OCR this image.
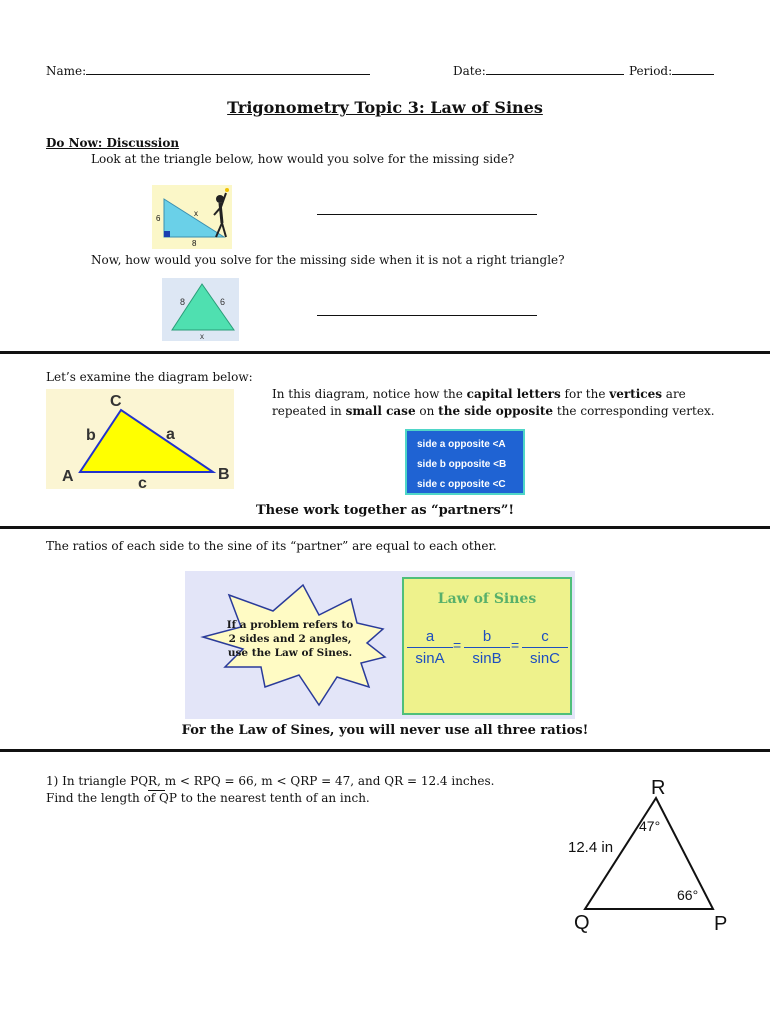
Name:	Date:	Period:
Trigonometry Topic 3: Law of Sines
Do Now: Discussion
Look at the triangle below, how would you solve for the missing side?
6
8
x
Now, how would you solve for the missing side when it is not a right triangle?
8	6
x
Let’s examine the diagram below:
C
A	B
b	a
c
In this diagram, notice how the capital letters for the vertices are repeated in small case on the side opposite the corresponding vertex.
side a opposite <A
side b opposite <B
side c opposite <C
These work together as “partners”!
The ratios of each side to the sine of its “partner” are equal to each other.
If a problem refers to
2 sides and 2 angles,
use the Law of Sines.
Law of Sines
$\frac{a}{\sin A} = \frac{b}{\sin B} = \frac{c}{\sin C}$
For the Law of Sines, you will never use all three ratios!
1) In triangle PQR, m < RPQ = 66, m < QRP = 47, and QR = 12.4 inches.
Find the length of QP to the nearest tenth of an inch.	R
Q	P
12.4 in
47°
66°
